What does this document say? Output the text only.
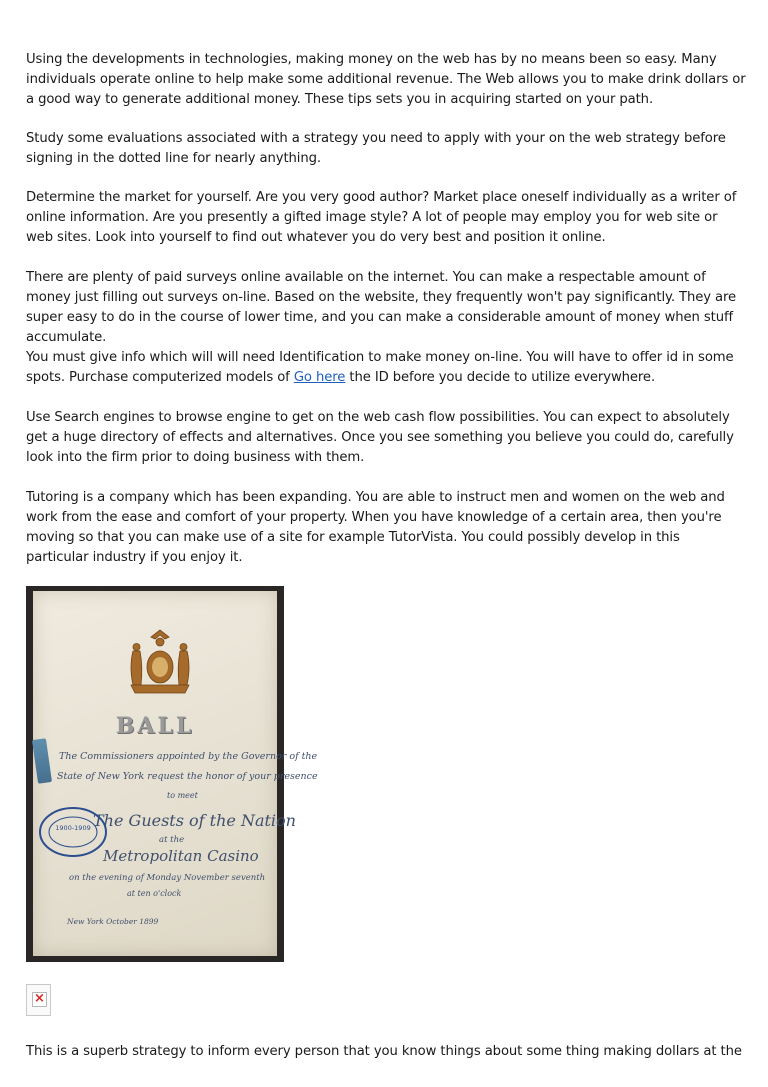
Using the developments in technologies, making money on the web has by no means been so easy. Many individuals operate online to help make some additional revenue. The Web allows you to make drink dollars or a good way to generate additional money. These tips sets you in acquiring started on your path.

Study some evaluations associated with a strategy you need to apply with your on the web strategy before signing in the dotted line for nearly anything.

Determine the market for yourself. Are you very good author? Market place oneself individually as a writer of online information. Are you presently a gifted image style? A lot of people may employ you for web site or web sites. Look into yourself to find out whatever you do very best and position it online.

There are plenty of paid surveys online available on the internet. You can make a respectable amount of money just filling out surveys on-line. Based on the website, they frequently won't pay significantly. They are super easy to do in the course of lower time, and you can make a considerable amount of money when stuff accumulate.

You must give info which will will need Identification to make money on-line. You will have to offer id in some spots. Purchase computerized models of Go here the ID before you decide to utilize everywhere.

Use Search engines to browse engine to get on the web cash flow possibilities. You can expect to absolutely get a huge directory of effects and alternatives. Once you see something you believe you could do, carefully look into the firm prior to doing business with them.

Tutoring is a company which has been expanding. You are able to instruct men and women on the web and work from the ease and comfort of your property. When you have knowledge of a certain area, then you're moving so that you can make use of a site for example TutorVista. You could possibly develop in this particular industry if you enjoy it.

BALL
The Commissioners appointed by the Governor of the
State of New York request the honor of your presence
to meet
The Guests of the Nation
at the
Metropolitan Casino
on the evening of Monday November seventh
at ten o'clock
New York October 1899
1900-1909
×

This is a superb strategy to inform every person that you know things about some thing making dollars at the
